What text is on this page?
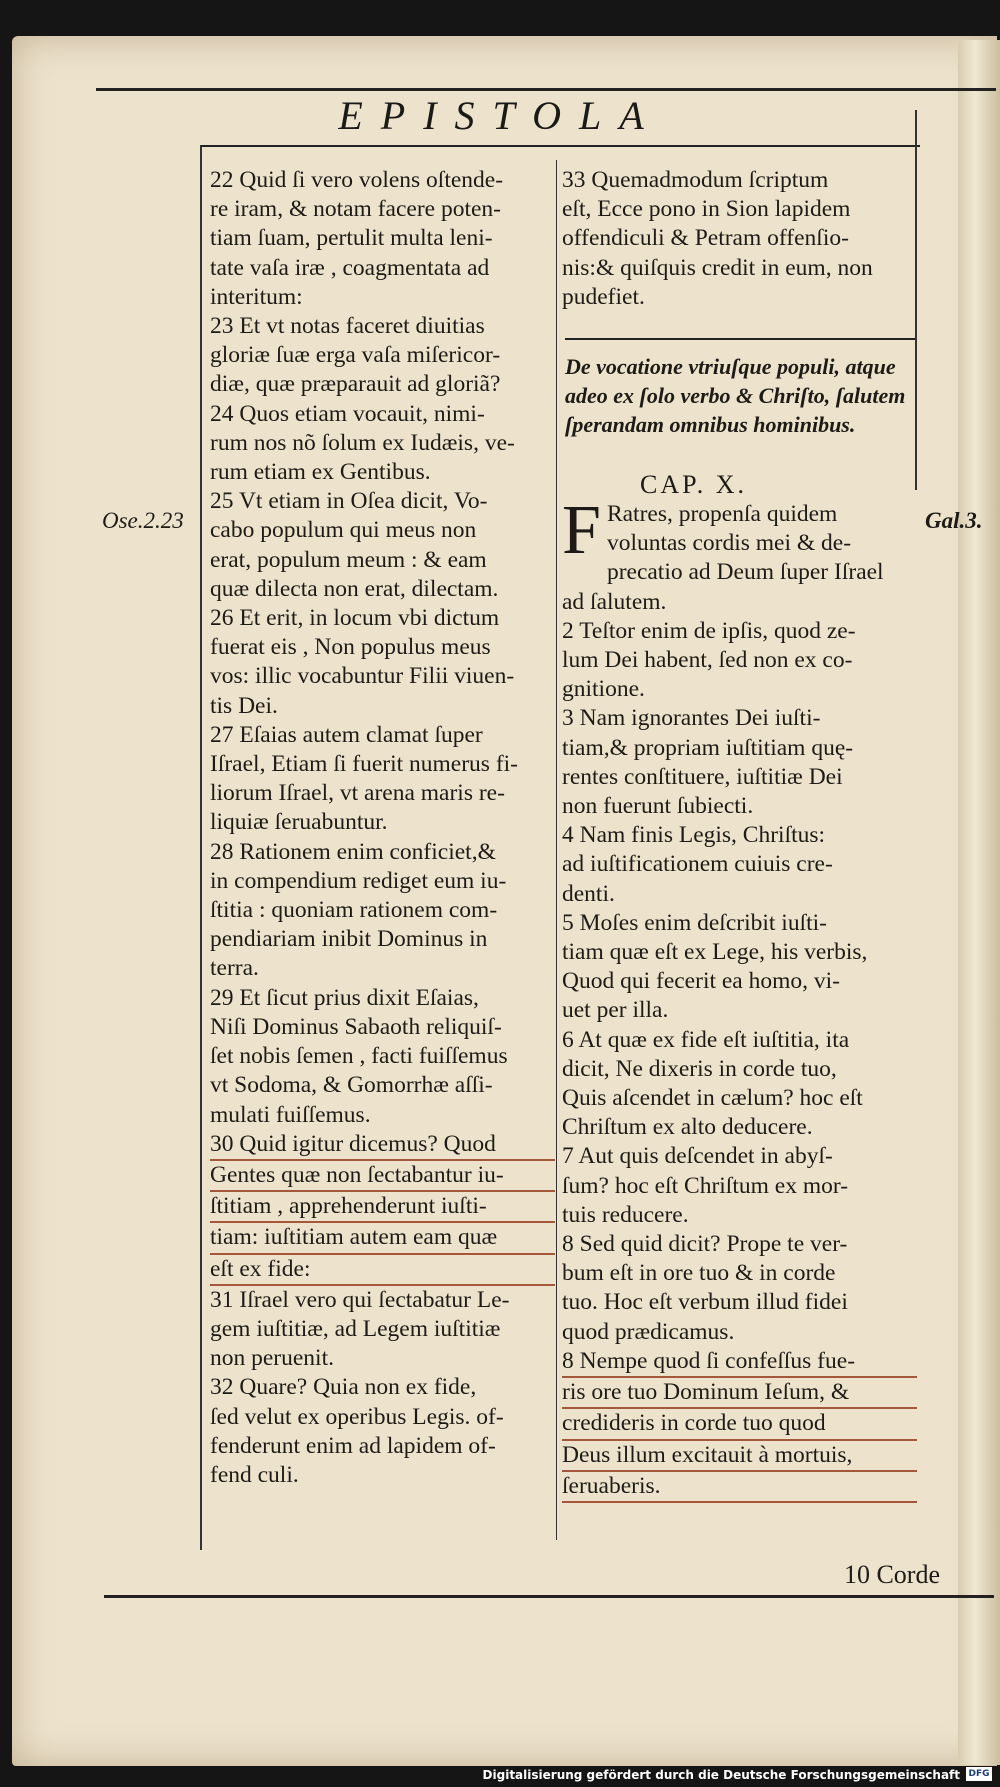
EPISTOLA
Ose.2.23	Gal.3.

22 Quid ſi vero volens oſtende-

re iram, & notam facere poten-

tiam ſuam, pertulit multa leni-

tate vaſa iræ , coagmentata ad

interitum:

23 Et vt notas faceret diuitias

gloriæ ſuæ erga vaſa miſericor-

diæ, quæ præparauit ad gloriã?

24 Quos etiam vocauit, nimi-

rum nos nõ ſolum ex Iudæis, ve-

rum etiam ex Gentibus.

25 Vt etiam in Oſea dicit, Vo-

cabo populum qui meus non

erat, populum meum : & eam

quæ dilecta non erat, dilectam.

26 Et erit, in locum vbi dictum

fuerat eis , Non populus meus

vos: illic vocabuntur Filii viuen-

tis Dei.

27 Eſaias autem clamat ſuper

Iſrael, Etiam ſi fuerit numerus fi-

liorum Iſrael, vt arena maris re-

liquiæ ſeruabuntur.

28 Rationem enim conficiet,&

in compendium rediget eum iu-

ſtitia : quoniam rationem com-

pendiariam inibit Dominus in

terra.

29 Et ſicut prius dixit Eſaias,

Niſi Dominus Sabaoth reliquiſ-

ſet nobis ſemen , facti fuiſſemus

vt Sodoma, & Gomorrhæ aſſi-

mulati fuiſſemus.

30 Quid igitur dicemus? Quod

Gentes quæ non ſectabantur iu-

ſtitiam , apprehenderunt iuſti-

tiam: iuſtitiam autem eam quæ

eſt ex fide:

31 Iſrael vero qui ſectabatur Le-

gem iuſtitiæ, ad Legem iuſtitiæ

non peruenit.

32 Quare? Quia non ex fide,

ſed velut ex operibus Legis. of-

fenderunt enim ad lapidem of-

fend culi.

33 Quemadmodum ſcriptum

eſt, Ecce pono in Sion lapidem

offendiculi & Petram offenſio-

nis:& quiſquis credit in eum, non

pudefiet.

De vocatione vtriuſque populi, atque adeo ex ſolo verbo & Chriſto, ſalutem ſperandam omnibus hominibus.
CAP. X.
F Ratres, propenſa quidem

voluntas cordis mei & de-

precatio ad Deum ſuper Iſrael

ad ſalutem.

2 Teſtor enim de ipſis, quod ze-

lum Dei habent, ſed non ex co-

gnitione.

3 Nam ignorantes Dei iuſti-

tiam,& propriam iuſtitiam quę-

rentes conſtituere, iuſtitiæ Dei

non fuerunt ſubiecti.

4 Nam finis Legis, Chriſtus:

ad iuſtificationem cuiuis cre-

denti.

5 Moſes enim deſcribit iuſti-

tiam quæ eſt ex Lege, his verbis,

Quod qui fecerit ea homo, vi-

uet per illa.

6 At quæ ex fide eſt iuſtitia, ita

dicit, Ne dixeris in corde tuo,

Quis aſcendet in cælum? hoc eſt

Chriſtum ex alto deducere.

7 Aut quis deſcendet in abyſ-

ſum? hoc eſt Chriſtum ex mor-

tuis reducere.

8 Sed quid dicit? Prope te ver-

bum eſt in ore tuo & in corde

tuo. Hoc eſt verbum illud fidei

quod prædicamus.

8 Nempe quod ſi confeſſus fue-

ris ore tuo Dominum Ieſum, &

credideris in corde tuo quod

Deus illum excitauit à mortuis,

ſeruaberis.

10 Corde
Digitalisierung gefördert durch die Deutsche Forschungsgemeinschaft DFG
